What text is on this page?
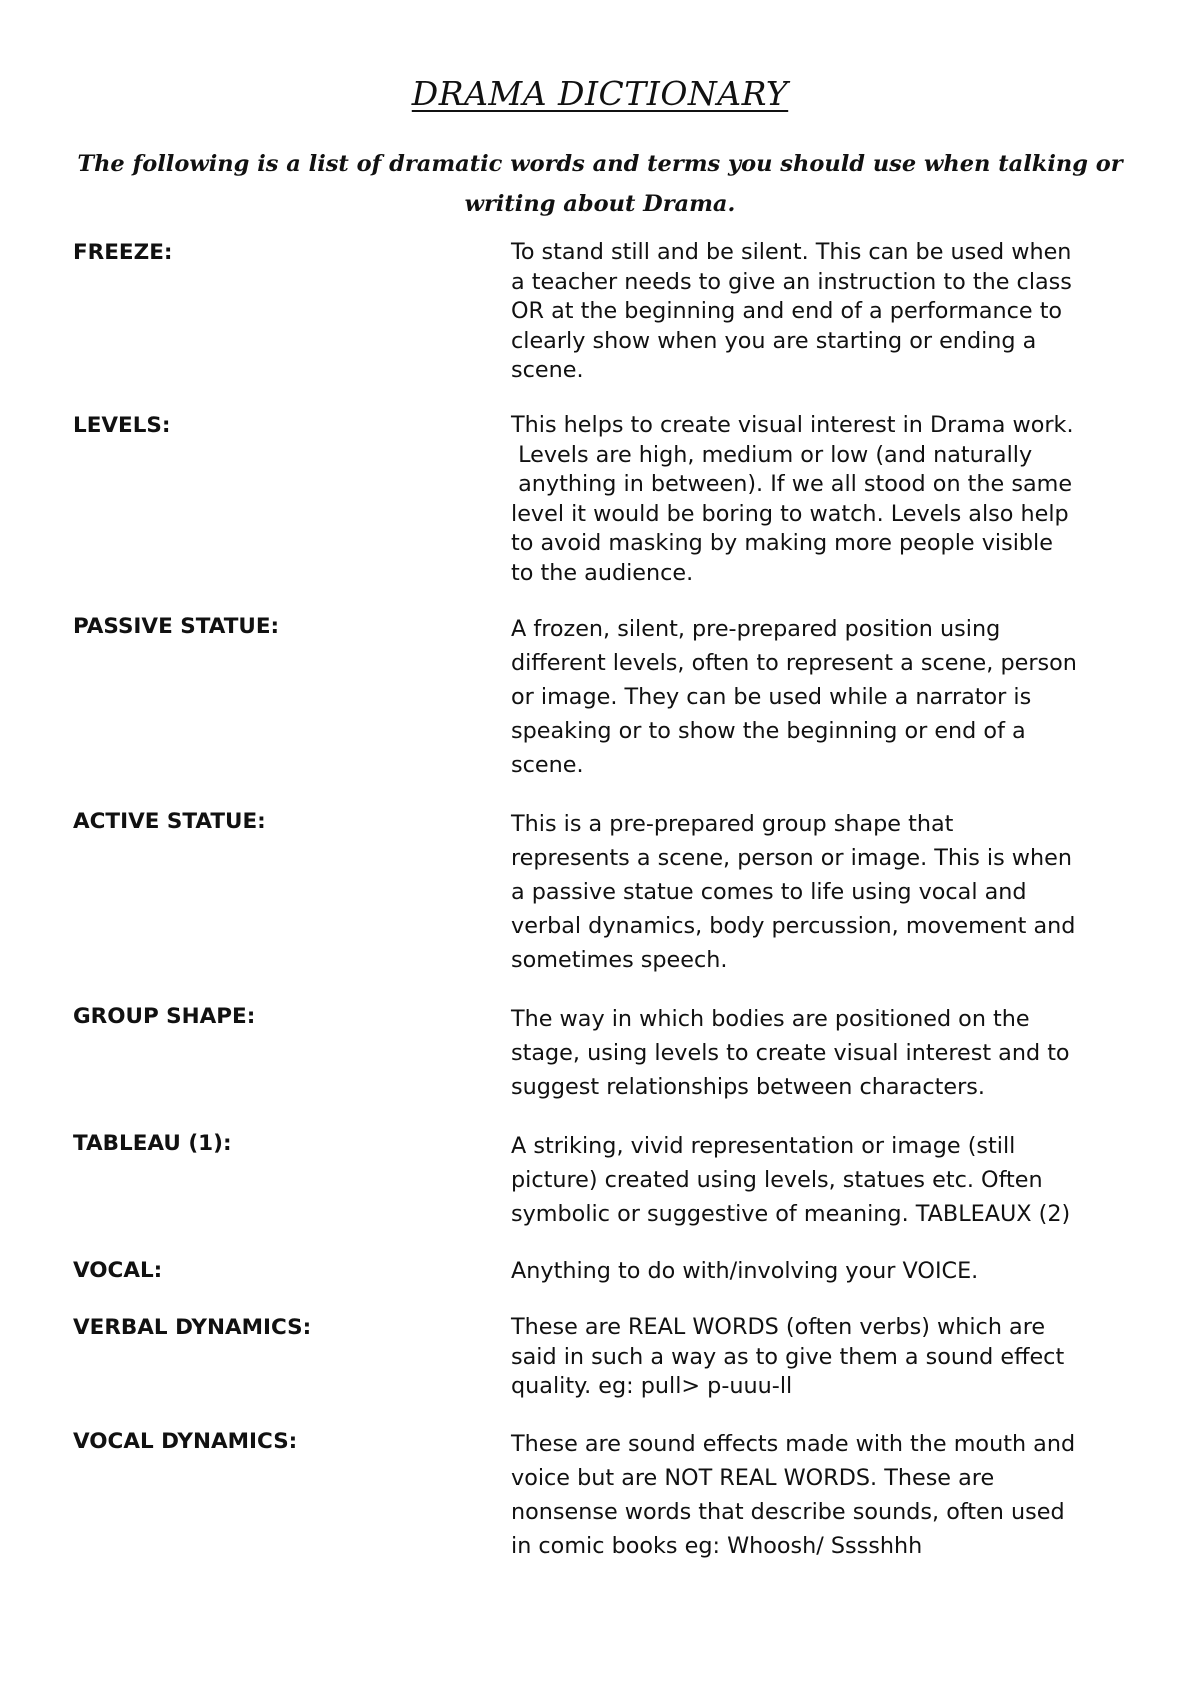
DRAMA DICTIONARY

The following is a list of dramatic words and terms you should use when talking or writing about Drama.

FREEZE:	To stand still and be silent. This can be used when
a teacher needs to give an instruction to the class
OR at the beginning and end of a performance to
clearly show when you are starting or ending a
scene.
LEVELS:	This helps to create visual interest in Drama work.
Levels are high, medium or low (and naturally
anything in between). If we all stood on the same
level it would be boring to watch. Levels also help
to avoid masking by making more people visible
to the audience.
PASSIVE STATUE:	A frozen, silent, pre-prepared position using
different levels, often to represent a scene, person
or image. They can be used while a narrator is
speaking or to show the beginning or end of a
scene.
ACTIVE STATUE:	This is a pre-prepared group shape that
represents a scene, person or image. This is when
a passive statue comes to life using vocal and
verbal dynamics, body percussion, movement and
sometimes speech.
GROUP SHAPE:	The way in which bodies are positioned on the
stage, using levels to create visual interest and to
suggest relationships between characters.
TABLEAU (1):	A striking, vivid representation or image (still
picture) created using levels, statues etc. Often
symbolic or suggestive of meaning. TABLEAUX (2)
VOCAL:	Anything to do with/involving your VOICE.
VERBAL DYNAMICS:	These are REAL WORDS (often verbs) which are
said in such a way as to give them a sound effect
quality. eg: pull> p-uuu-ll
VOCAL DYNAMICS:	These are sound effects made with the mouth and
voice but are NOT REAL WORDS. These are
nonsense words that describe sounds, often used
in comic books eg: Whoosh/ Sssshhh
